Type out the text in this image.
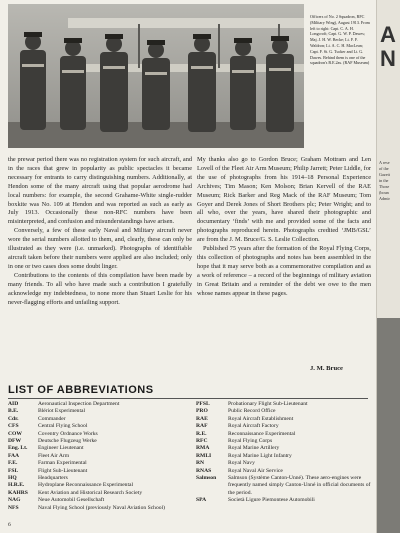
Officers of No. 2 Squadron, RFC (Military Wing), August 1913. From left to right: Capt. C. A. H. Longcroft; Capt. G. W. P. Dawes; Maj. J. H. W. Becke; Lt. F. F. Waldron; Lt. A. C. H. MacLean; Capt. F. St. G. Tucker and Lt. G. Dawes. Behind them is one of the squadron's B.E.2as. (RAF Museum)
A
N
A rese
of the
Gazett
in the
Those
(boun
Admir

the prewar period there was no registration system for such aircraft, and in the races that grew in popularity as public spectacles it became necessary for entrants to carry distinguishing numbers. Additionally, at Hendon some of the many aircraft using that popular aerodrome had local numbers: for example, the second Grahame-White single-rudder boxkite was No. 109 at Hendon and was reported as such as early as July 1913. Occasionally these non-RFC numbers have been misinterpreted, and confusion and misunderstandings have arisen.

Conversely, a few of these early Naval and Military aircraft never wore the serial numbers allotted to them, and, clearly, these can only be illustrated as they were (i.e. unmarked). Photographs of identifiable aircraft taken before their numbers were applied are also included; only in one or two cases does some doubt linger.

Contributions to the contents of this compilation have been made by many friends. To all who have made such a contribution I gratefully acknowledge my indebtedness, to none more than Stuart Leslie for his never-flagging efforts and unfailing support.

My thanks also go to Gordon Bruce; Graham Mottram and Len Lovell of the Fleet Air Arm Museum; Philip Jarrett; Peter Liddle, for the use of photographs from his 1914–18 Personal Experience Archives; Tim Mason; Ken Molson; Brian Kervell of the RAE Museum; Rick Barker and Reg Mack of the RAF Museum; Tom Goyer and Derek Jones of Short Brothers plc; Peter Wright; and to all who, over the years, have shared their photographic and documentary ‘finds’ with me and provided some of the facts and photographs reproduced herein. Photographs credited ‘JMB/GSL’ are from the J. M. Bruce/G. S. Leslie Collection.

Published 75 years after the formation of the Royal Flying Corps, this collection of photographs and notes has been assembled in the hope that it may serve both as a commemorative compilation and as a work of reference – a record of the beginnings of military aviation in Great Britain and a reminder of the debt we owe to the men whose names appear in these pages.

J. M. Bruce
LIST OF ABBREVIATIONS
AID	Aeronautical Inspection Department
B.E.	Blériot Experimental
Cdr.	Commander
CFS	Central Flying School
COW	Coventry Ordnance Works
DFW	Deutsche Flugzeug Werke
Eng. Lt.	Engineer Lieutenant
FAA	Fleet Air Arm
F.E.	Farman Experimental
FSL	Flight Sub-Lieutenant
HQ	Headquarters
H.R.E.	Hydroplane Reconnaissance Experimental
KAHRS	Kent Aviation and Historical Research Society
NAG	Neue Automobil Gesellschaft
NFS	Naval Flying School (previously Naval Aviation School)
PFSL	Probationary Flight Sub-Lieutenant
PRO	Public Record Office
RAE	Royal Aircraft Establishment
RAF	Royal Aircraft Factory
R.E.	Reconnaissance Experimental
RFC	Royal Flying Corps
RMA	Royal Marine Artillery
RMLI	Royal Marine Light Infantry
RN	Royal Navy
RNAS	Royal Naval Air Service
Salmson	Salmson (Système Canton-Unné). These aero-engines were frequently named simply Canton-Unné in official documents of the period.
SPA	Società Ligure Piemontese Automobili
6
